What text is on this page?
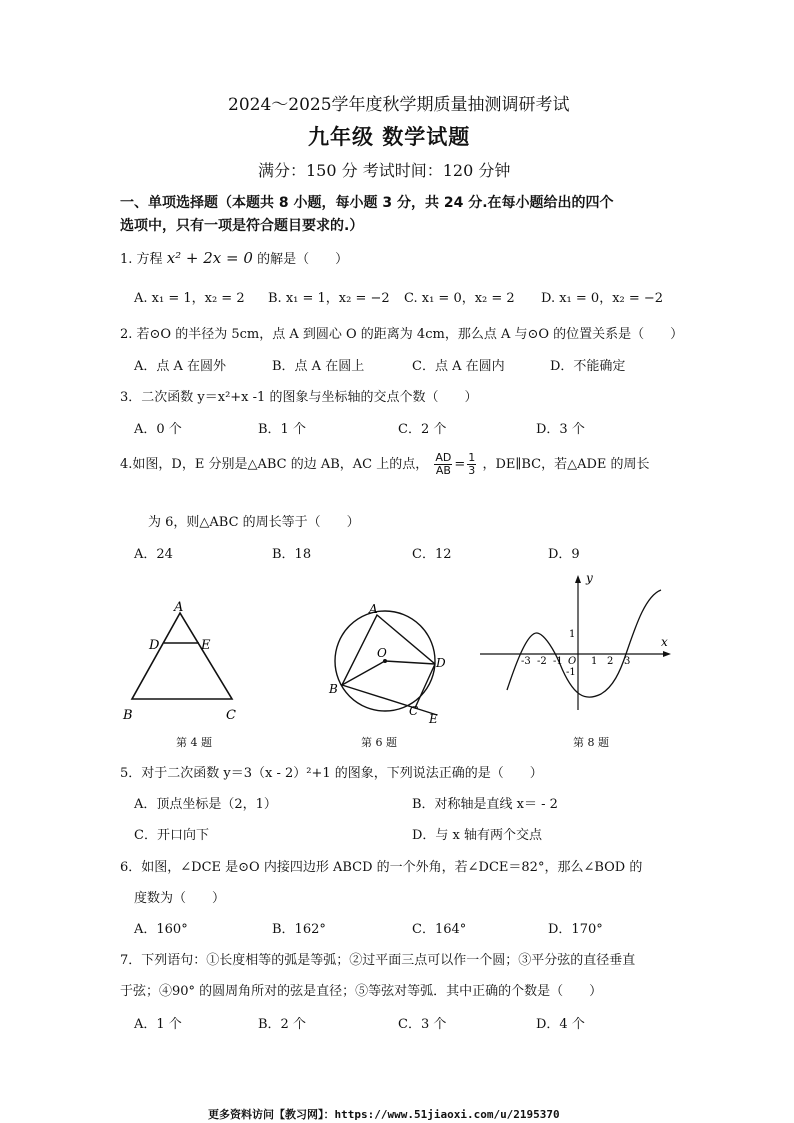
2024～2025学年度秋学期质量抽测调研考试
九年级 数学试题
满分：150 分 考试时间：120 分钟
一、单项选择题（本题共 8 小题，每小题 3 分，共 24 分.在每小题给出的四个
选项中，只有一项是符合题目要求的.）
1. 方程 x² + 2x = 0 的解是（　　）
A. x₁ = 1，x₂ = 2 B. x₁ = 1，x₂ = −2 C. x₁ = 0，x₂ = 2 D. x₁ = 0，x₂ = −2
2. 若⊙O 的半径为 5cm，点 A 到圆心 O 的距离为 4cm，那么点 A 与⊙O 的位置关系是（　　）
A．点 A 在圆外	B．点 A 在圆上	C．点 A 在圆内	D．不能确定
3．二次函数 y＝x²+x -1 的图象与坐标轴的交点个数（　　）
A．0 个	B．1 个	C．2 个	D．3 个
4.如图，D，E 分别是△ABC 的边 AB，AC 上的点， $\frac{AD}{AB} = \frac{1}{3}$ ，DE∥BC，若△ADE 的周长
为 6，则△ABC 的周长等于（　　）
A．24	B．18	C．12	D．9
A
D	E
B	C
第 4 题
A
O
D
B
C
E
第 6 题
y
x
O
1
-1
-3 -2 -1	1 2 3
第 8 题
5．对于二次函数 y＝3（x - 2）²+1 的图象，下列说法正确的是（　　）
A．顶点坐标是（2，1）	B．对称轴是直线 x＝ - 2
C．开口向下	D．与 x 轴有两个交点
6．如图，∠DCE 是⊙O 内接四边形 ABCD 的一个外角，若∠DCE＝82°，那么∠BOD 的
度数为（　　）
A．160°	B．162°	C．164°	D．170°
7．下列语句：①长度相等的弧是等弧；②过平面三点可以作一个圆；③平分弦的直径垂直
于弦；④90° 的圆周角所对的弦是直径；⑤等弦对等弧．其中正确的个数是（　　）
A．1 个	B．2 个	C．3 个	D．4 个
更多资料访问【教习网】：https://www.51jiaoxi.com/u/2195370
